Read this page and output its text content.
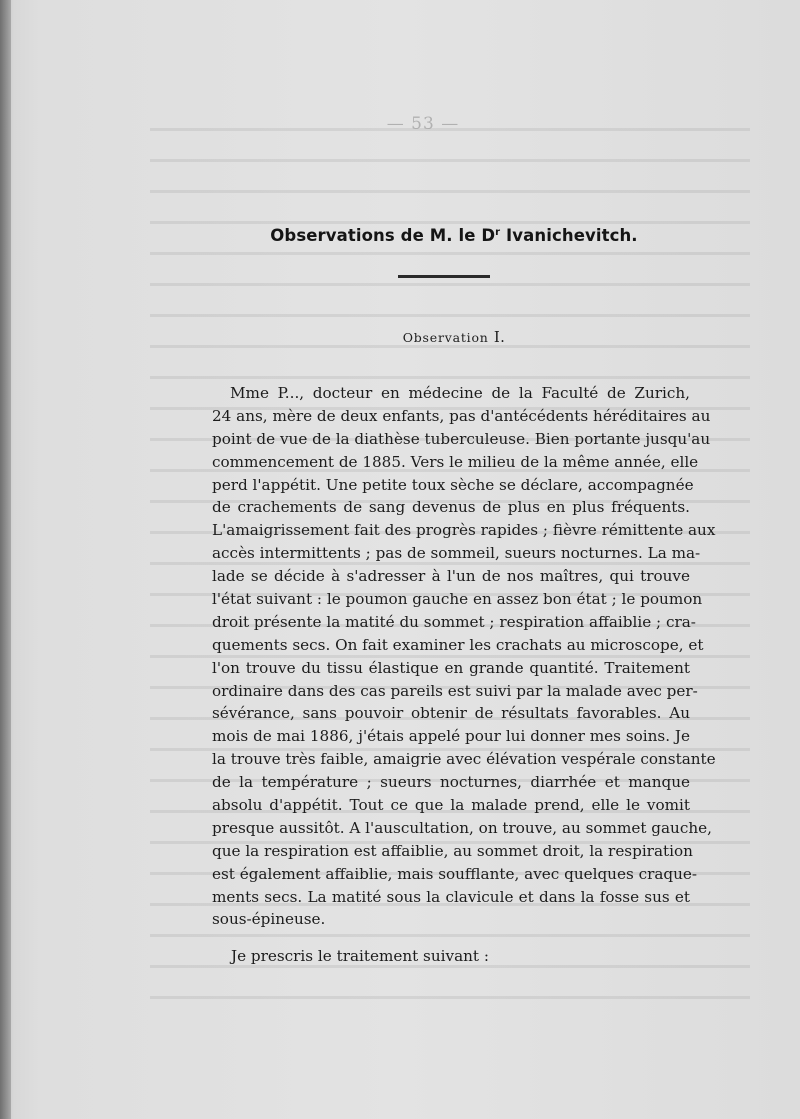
— 53 —
Observations de M. le $D^r$ Ivanichevitch.
Observation I.
Mme P..., docteur en médecine de la Faculté de Zurich,
24 ans, mère de deux enfants, pas d'antécédents héréditaires au
point de vue de la diathèse tuberculeuse. Bien portante jusqu'au
commencement de 1885. Vers le milieu de la même année, elle
perd l'appétit. Une petite toux sèche se déclare, accompagnée
de crachements de sang devenus de plus en plus fréquents.
L'amaigrissement fait des progrès rapides ; fièvre rémittente aux
accès intermittents ; pas de sommeil, sueurs nocturnes. La ma-
lade se décide à s'adresser à l'un de nos maîtres, qui trouve
l'état suivant : le poumon gauche en assez bon état ; le poumon
droit présente la matité du sommet ; respiration affaiblie ; cra-
quements secs. On fait examiner les crachats au microscope, et
l'on trouve du tissu élastique en grande quantité. Traitement
ordinaire dans des cas pareils est suivi par la malade avec per-
sévérance, sans pouvoir obtenir de résultats favorables. Au
mois de mai 1886, j'étais appelé pour lui donner mes soins. Je
la trouve très faible, amaigrie avec élévation vespérale constante
de la température ; sueurs nocturnes, diarrhée et manque
absolu d'appétit. Tout ce que la malade prend, elle le vomit
presque aussitôt. A l'auscultation, on trouve, au sommet gauche,
que la respiration est affaiblie, au sommet droit, la respiration
est également affaiblie, mais soufflante, avec quelques craque-
ments secs. La matité sous la clavicule et dans la fosse sus et
sous-épineuse.
Je prescris le traitement suivant :
